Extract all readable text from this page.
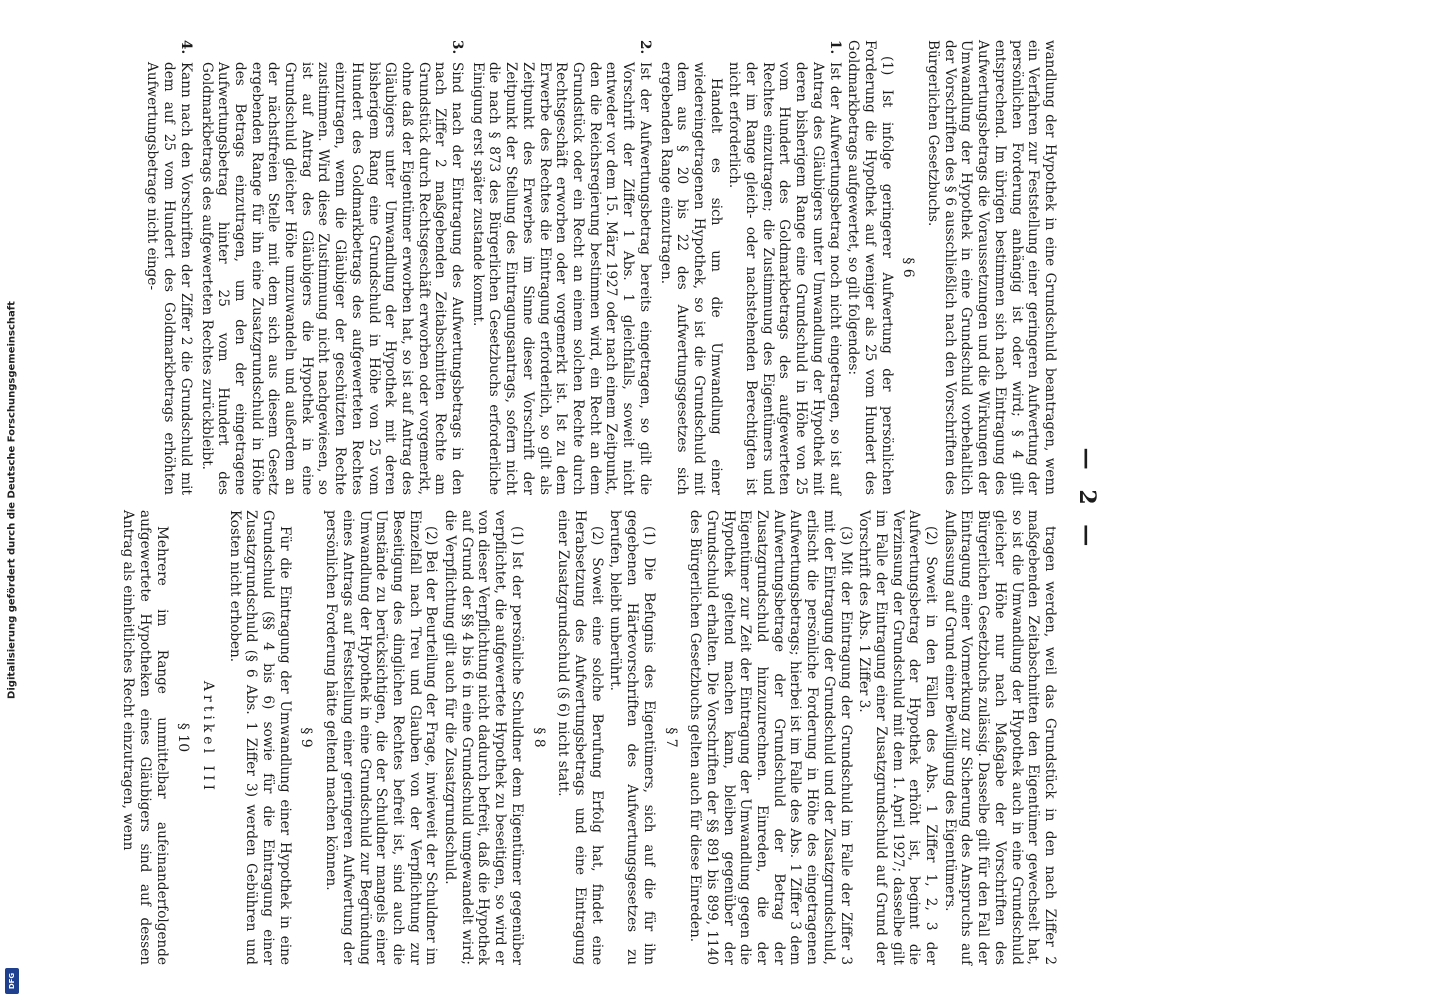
Digitalisierung gefördert durch die Deutsche Forschungsgemeinschaft
DFG
— 2 —

wandlung der Hypothek in eine Grundschuld beantragen, wenn ein Verfahren zur Feststellung einer geringeren Aufwertung der persönlichen Forderung anhängig ist oder wird; § 4 gilt entsprechend. Im übrigen bestimmen sich nach Eintragung des Aufwertungsbetrags die Voraussetzungen und die Wirkungen der Umwandlung der Hypothek in eine Grundschuld vorbehaltlich der Vorschriften des § 6 ausschließlich nach den Vorschriften des Bürgerlichen Gesetzbuchs.

§ 6

(1) Ist infolge geringerer Aufwertung der persönlichen Forderung die Hypothek auf weniger als 25 vom Hundert des Goldmarkbetrags aufgewertet, so gilt folgendes:

1.

Ist der Aufwertungsbetrag noch nicht eingetragen, so ist auf Antrag des Gläubigers unter Umwandlung der Hypothek mit deren bisherigem Range eine Grundschuld in Höhe von 25 vom Hundert des Goldmarkbetrags des aufgewerteten Rechtes einzutragen; die Zustimmung des Eigentümers und der im Range gleich- oder nachstehenden Berechtigten ist nicht erforderlich.

Handelt es sich um die Umwandlung einer wiedereingetragenen Hypothek, so ist die Grundschuld mit dem aus § 20 bis 22 des Aufwertungsgesetzes sich ergebenden Range einzutragen.

2.

Ist der Aufwertungsbetrag bereits eingetragen, so gilt die Vorschrift der Ziffer 1 Abs. 1 gleichfalls, soweit nicht entweder vor dem 15. März 1927 oder nach einem Zeitpunkt, den die Reichsregierung bestimmen wird, ein Recht an dem Grundstück oder ein Recht an einem solchen Rechte durch Rechtsgeschäft erworben oder vorgemerkt ist. Ist zu dem Erwerbe des Rechtes die Eintragung erforderlich, so gilt als Zeitpunkt des Erwerbes im Sinne dieser Vorschrift der Zeitpunkt der Stellung des Eintragungsantrags, sofern nicht die nach § 873 des Bürgerlichen Gesetzbuchs erforderliche Einigung erst später zustande kommt.

3.

Sind nach der Eintragung des Aufwertungsbetrags in den nach Ziffer 2 maßgebenden Zeitabschnitten Rechte am Grundstück durch Rechtsgeschäft erworben oder vorgemerkt, ohne daß der Eigentümer erworben hat, so ist auf Antrag des Gläubigers unter Umwandlung der Hypothek mit deren bisherigem Rang eine Grundschuld in Höhe von 25 vom Hundert des Goldmarkbetrags des aufgewerteten Rechtes einzutragen, wenn die Gläubiger der geschützten Rechte zustimmen. Wird diese Zustimmung nicht nachgewiesen, so ist auf Antrag des Gläubigers die Hypothek in eine Grundschuld gleicher Höhe umzuwandeln und außerdem an der nächstfreien Stelle mit dem sich aus diesem Gesetz ergebenden Range für ihn eine Zusatzgrundschuld in Höhe des Betrags einzutragen, um den der eingetragene Aufwertungsbetrag hinter 25 vom Hundert des Goldmarkbetrags des aufgewerteten Rechtes zurückbleibt.

4.

Kann nach den Vorschriften der Ziffer 2 die Grundschuld mit dem auf 25 vom Hundert des Goldmarkbetrags erhöhten Aufwertungsbetrage nicht einge-

tragen werden, weil das Grundstück in den nach Ziffer 2 maßgebenden Zeitabschnitten den Eigentümer gewechselt hat, so ist die Umwandlung der Hypothek auch in eine Grundschuld gleicher Höhe nur nach Maßgabe der Vorschriften des Bürgerlichen Gesetzbuchs zulässig. Dasselbe gilt für den Fall der Eintragung einer Vormerkung zur Sicherung des Anspruchs auf Auflassung auf Grund einer Bewilligung des Eigentümers.

(2) Soweit in den Fällen des Abs. 1 Ziffer 1, 2, 3 der Aufwertungsbetrag der Hypothek erhöht ist, beginnt die Verzinsung der Grundschuld mit dem 1. April 1927; dasselbe gilt im Falle der Eintragung einer Zusatzgrundschuld auf Grund der Vorschrift des Abs. 1 Ziffer 3.

(3) Mit der Eintragung der Grundschuld im Falle der Ziffer 3 mit der Eintragung der Grundschuld und der Zusatzgrundschuld, erlischt die persönliche Forderung in Höhe des eingetragenen Aufwertungsbetrags; hierbei ist im Falle des Abs. 1 Ziffer 3 dem Aufwertungsbetrage der Grundschuld der Betrag der Zusatzgrundschuld hinzuzurechnen. Einreden, die der Eigentümer zur Zeit der Eintragung der Umwandlung gegen die Hypothek geltend machen kann, bleiben gegenüber der Grundschuld erhalten. Die Vorschriften der §§ 891 bis 899, 1140 des Bürgerlichen Gesetzbuchs gelten auch für diese Einreden.

§ 7

(1) Die Befugnis des Eigentümers, sich auf die für ihn gegebenen Härtevorschriften des Aufwertungsgesetzes zu berufen, bleibt unberührt.

(2) Soweit eine solche Berufung Erfolg hat, findet eine Herabsetzung des Aufwertungsbetrags und eine Eintragung einer Zusatzgrundschuld (§ 6) nicht statt.

§ 8

(1) Ist der persönliche Schuldner dem Eigentümer gegenüber verpflichtet, die aufgewertete Hypothek zu beseitigen, so wird er von dieser Verpflichtung nicht dadurch befreit, daß die Hypothek auf Grund der §§ 4 bis 6 in eine Grundschuld umgewandelt wird; die Verpflichtung gilt auch für die Zusatzgrundschuld.

(2) Bei der Beurteilung der Frage, inwieweit der Schuldner im Einzelfall nach Treu und Glauben von der Verpflichtung zur Beseitigung des dinglichen Rechtes befreit ist, sind auch die Umstände zu berücksichtigen, die der Schuldner mangels einer Umwandlung der Hypothek in eine Grundschuld zur Begründung eines Antrags auf Feststellung einer geringeren Aufwertung der persönlichen Forderung hätte geltend machen können.

§ 9

Für die Eintragung der Umwandlung einer Hypothek in eine Grundschuld (§§ 4 bis 6) sowie für die Eintragung einer Zusatzgrundschuld (§ 6 Abs. 1 Ziffer 3) werden Gebühren und Kosten nicht erhoben.

Artikel III
§ 10

Mehrere im Range unmittelbar aufeinanderfolgende aufgewertete Hypotheken eines Gläubigers sind auf dessen Antrag als einheitliches Recht einzutragen, wenn
